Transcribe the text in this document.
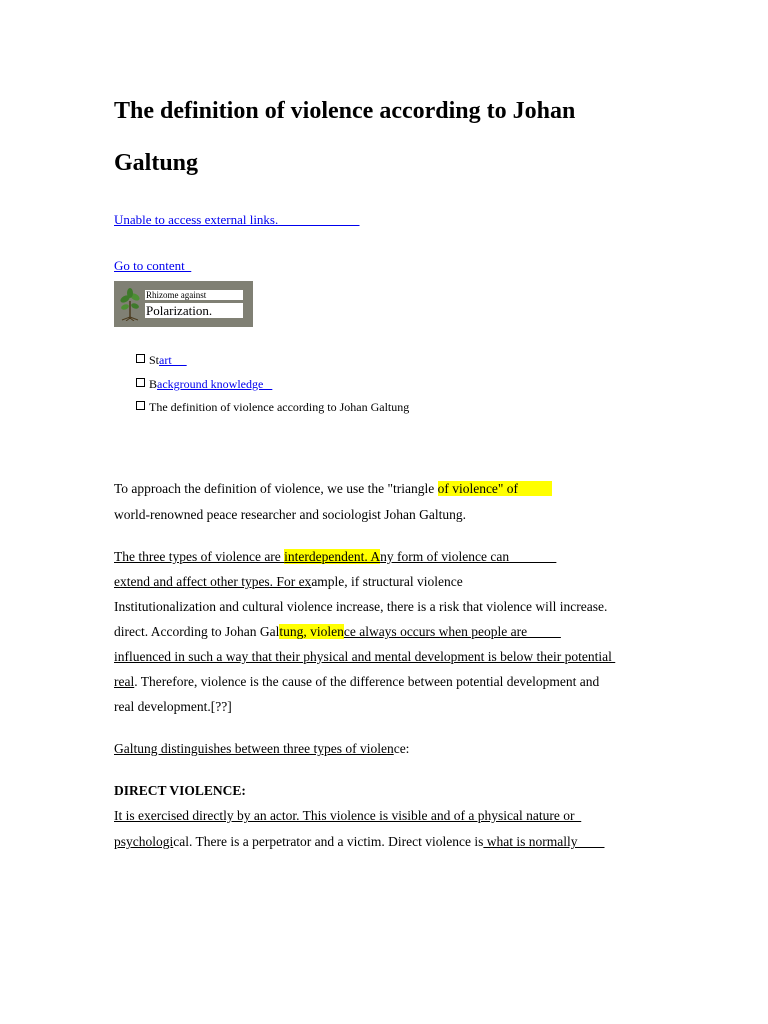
The definition of violence according to Johan Galtung
Unable to access external links.
Go to content
Rhizome against
Polarization.
Start
Background knowledge
The definition of violence according to Johan Galtung
To approach the definition of violence, we use the "triangle of violence" of
world-renowned peace researcher and sociologist Johan Galtung.
The three types of violence are interdependent. Any form of violence can
extend and affect other types. For example, if structural violence
Institutionalization and cultural violence increase, there is a risk that violence will increase.
direct. According to Johan Galtung, violence always occurs when people are
influenced in such a way that their physical and mental development is below their potential
real. Therefore, violence is the cause of the difference between potential development and
real development.[??]
Galtung distinguishes between three types of violence:
DIRECT VIOLENCE:
It is exercised directly by an actor. This violence is visible and of a physical nature or
psychological. There is a perpetrator and a victim. Direct violence is what is normally
